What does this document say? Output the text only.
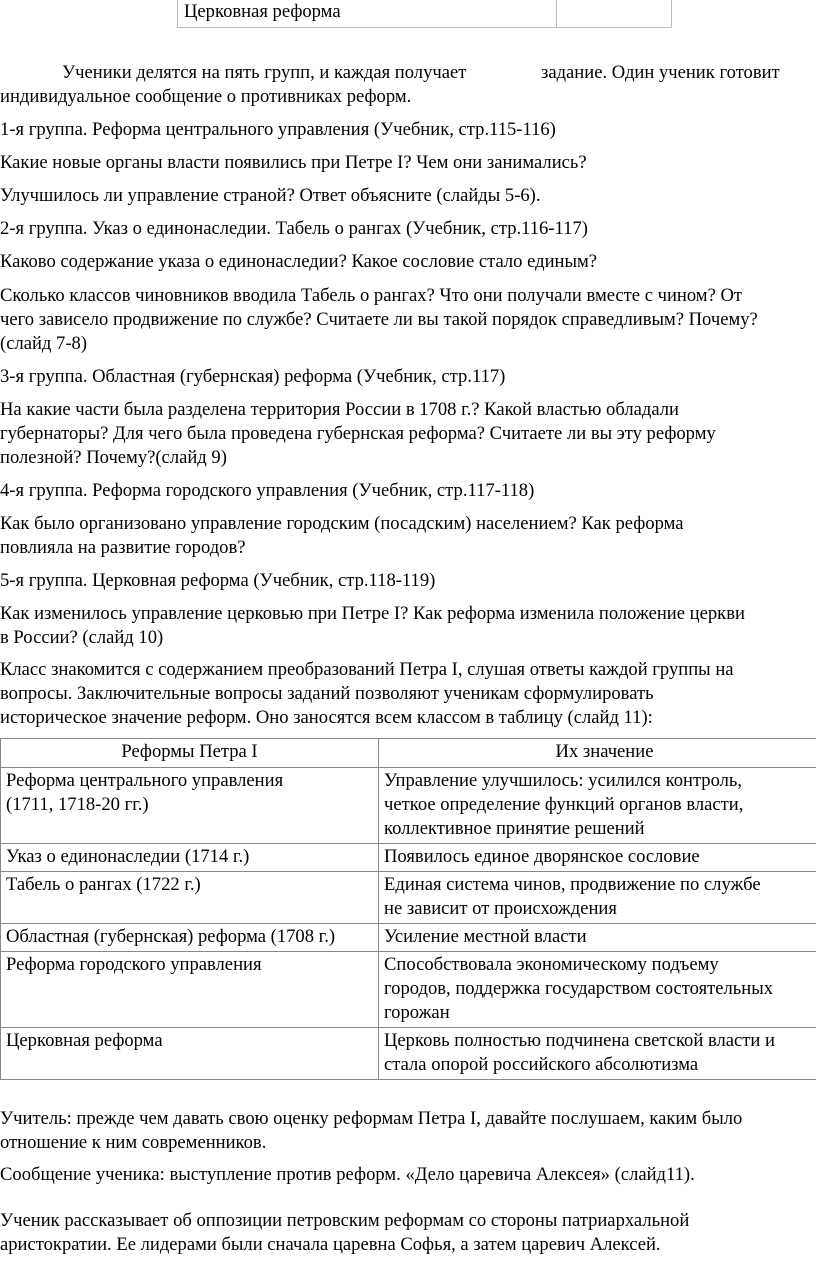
Церковная реформа	

Ученики делятся на пять групп, и каждая получает	задание. Один ученик готовит

индивидуальное сообщение о противниках реформ.

1-я группа. Реформа центрального управления (Учебник, стр.115-116)

Какие новые органы власти появились при Петре I? Чем они занимались?

Улучшилось ли управление страной? Ответ объясните (слайды 5-6).

2-я группа. Указ о единонаследии. Табель о рангах (Учебник, стр.116-117)

Каково содержание указа о единонаследии? Какое сословие стало единым?

Сколько классов чиновников вводила Табель о рангах? Что они получали вместе с чином? От
чего зависело продвижение по службе? Считаете ли вы такой порядок справедливым? Почему?
(слайд 7-8)

3-я группа. Областная (губернская) реформа (Учебник, стр.117)

На какие части была разделена территория России в 1708 г.? Какой властью обладали
губернаторы? Для чего была проведена губернская реформа? Считаете ли вы эту реформу
полезной? Почему?(слайд 9)

4-я группа. Реформа городского управления (Учебник, стр.117-118)

Как было организовано управление городским (посадским) населением? Как реформа
повлияла на развитие городов?

5-я группа. Церковная реформа (Учебник, стр.118-119)

Как изменилось управление церковью при Петре I? Как реформа изменила положение церкви
в России? (слайд 10)
Класс знакомится с содержанием преобразований Петра I, слушая ответы каждой группы на
вопросы. Заключительные вопросы заданий позволяют ученикам сформулировать
историческое значение реформ. Оно заносятся всем классом в таблицу (слайд 11):
Реформы Петра I	Их значение

Реформа центрального управления
(1711, 1718-20 гг.)	Управление улучшилось: усилился контроль,
четкое определение функций органов власти,
коллективное принятие решений

Указ о единонаследии (1714 г.)	Появилось единое дворянское сословие

Табель о рангах (1722 г.)	Единая система чинов, продвижение по службе
не зависит от происхождения

Областная (губернская) реформа (1708 г.)	Усиление местной власти

Реформа городского управления	Способствовала экономическому подъему
городов, поддержка государством состоятельных
горожан

Церковная реформа	Церковь полностью подчинена светской власти и
стала опорой российского абсолютизма
Учитель: прежде чем давать свою оценку реформам Петра I, давайте послушаем, каким было
отношение к ним современников.

Сообщение ученика: выступление против реформ. «Дело царевича Алексея» (слайд11).

Ученик рассказывает об оппозиции петровским реформам со стороны патриархальной
аристократии. Ее лидерами были сначала царевна Софья, а затем царевич Алексей.
